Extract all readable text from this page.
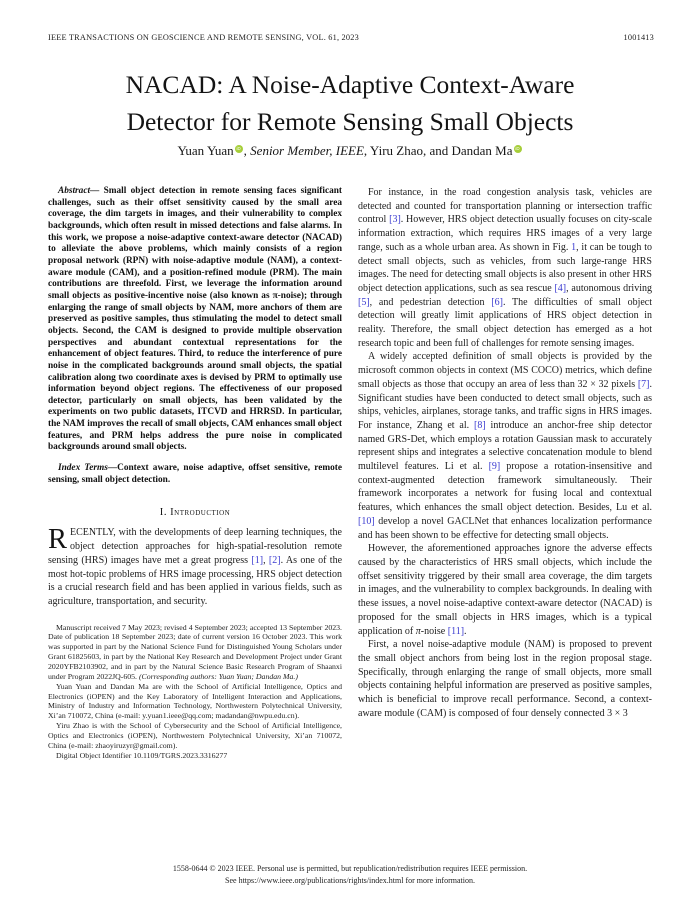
IEEE TRANSACTIONS ON GEOSCIENCE AND REMOTE SENSING, VOL. 61, 2023	1001413
NACAD: A Noise-Adaptive Context-Aware
Detector for Remote Sensing Small Objects
Yuan Yuan iD , Senior Member, IEEE, Yiru Zhao, and Dandan Ma iD

Abstract— Small object detection in remote sensing faces significant challenges, such as their offset sensitivity caused by the small area coverage, the dim targets in images, and their vulnerability to complex backgrounds, which often result in missed detections and false alarms. In this work, we propose a noise-adaptive context-aware detector (NACAD) to alleviate the above problems, which mainly consists of a region proposal network (RPN) with noise-adaptive module (NAM), a context-aware module (CAM), and a position-refined module (PRM). The main contributions are threefold. First, we leverage the information around small objects as positive-incentive noise (also known as π-noise); through enlarging the range of small objects by NAM, more anchors of them are preserved as positive samples, thus stimulating the model to detect small objects. Second, the CAM is designed to provide multiple observation perspectives and abundant contextual representations for the enhancement of object features. Third, to reduce the interference of pure noise in the complicated backgrounds around small objects, the spatial calibration along two coordinate axes is devised by PRM to optimally use information beyond object regions. The effectiveness of our proposed detector, particularly on small objects, has been validated by the experiments on two public datasets, ITCVD and HRRSD. In particular, the NAM improves the recall of small objects, CAM enhances small object features, and PRM helps address the pure noise in complicated backgrounds around small objects.

Index Terms—Context aware, noise adaptive, offset sensitive, remote sensing, small object detection.

I. Introduction

RECENTLY, with the developments of deep learning techniques, the object detection approaches for high-spatial-resolution remote sensing (HRS) images have met a great progress [1], [2]. As one of the most hot-topic problems of HRS image processing, HRS object detection is a crucial research field and has been applied in various fields, such as agriculture, transportation, and security.

Manuscript received 7 May 2023; revised 4 September 2023; accepted 13 September 2023. Date of publication 18 September 2023; date of current version 16 October 2023. This work was supported in part by the National Science Fund for Distinguished Young Scholars under Grant 61825603, in part by the National Key Research and Development Project under Grant 2020YFB2103902, and in part by the Natural Science Basic Research Program of Shaanxi under Program 2022JQ-605. (Corresponding authors: Yuan Yuan; Dandan Ma.)

Yuan Yuan and Dandan Ma are with the School of Artificial Intelligence, Optics and Electronics (iOPEN) and the Key Laboratory of Intelligent Interaction and Applications, Ministry of Industry and Information Technology, Northwestern Polytechnical University, Xi’an 710072, China (e-mail: y.yuan1.ieee@qq.com; madandan@nwpu.edu.cn).

Yiru Zhao is with the School of Cybersecurity and the School of Artificial Intelligence, Optics and Electronics (iOPEN), Northwestern Polytechnical University, Xi’an 710072, China (e-mail: zhaoyiruzyr@gmail.com).

Digital Object Identifier 10.1109/TGRS.2023.3316277

For instance, in the road congestion analysis task, vehicles are detected and counted for transportation planning or intersection traffic control [3]. However, HRS object detection usually focuses on city-scale information extraction, which requires HRS images of a very large range, such as a whole urban area. As shown in Fig. 1, it can be tough to detect small objects, such as vehicles, from such large-range HRS images. The need for detecting small objects is also present in other HRS object detection applications, such as sea rescue [4], autonomous driving [5], and pedestrian detection [6]. The difficulties of small object detection will greatly limit applications of HRS object detection in reality. Therefore, the small object detection has emerged as a hot research topic and been full of challenges for remote sensing images.

A widely accepted definition of small objects is provided by the microsoft common objects in context (MS COCO) metrics, which define small objects as those that occupy an area of less than 32 × 32 pixels [7]. Significant studies have been conducted to detect small objects, such as ships, vehicles, airplanes, storage tanks, and traffic signs in HRS images. For instance, Zhang et al. [8] introduce an anchor-free ship detector named GRS-Det, which employs a rotation Gaussian mask to accurately represent ships and integrates a selective concatenation module to blend multilevel features. Li et al. [9] propose a rotation-insensitive and context-augmented detection framework simultaneously. Their framework incorporates a network for fusing local and contextual features, which enhances the small object detection. Besides, Lu et al. [10] develop a novel GACLNet that enhances localization performance and has been shown to be effective for detecting small objects.

However, the aforementioned approaches ignore the adverse effects caused by the characteristics of HRS small objects, which include the offset sensitivity triggered by their small area coverage, the dim targets in images, and the vulnerability to complex backgrounds. In dealing with these issues, a novel noise-adaptive context-aware detector (NACAD) is proposed for the small objects in HRS images, which is a typical application of π-noise [11].

First, a novel noise-adaptive module (NAM) is proposed to prevent the small object anchors from being lost in the region proposal stage. Specifically, through enlarging the range of small objects, more small objects containing helpful information are preserved as positive samples, which is beneficial to improve recall performance. Second, a context-aware module (CAM) is composed of four densely connected 3 × 3

1558-0644 © 2023 IEEE. Personal use is permitted, but republication/redistribution requires IEEE permission.
See https://www.ieee.org/publications/rights/index.html for more information.
